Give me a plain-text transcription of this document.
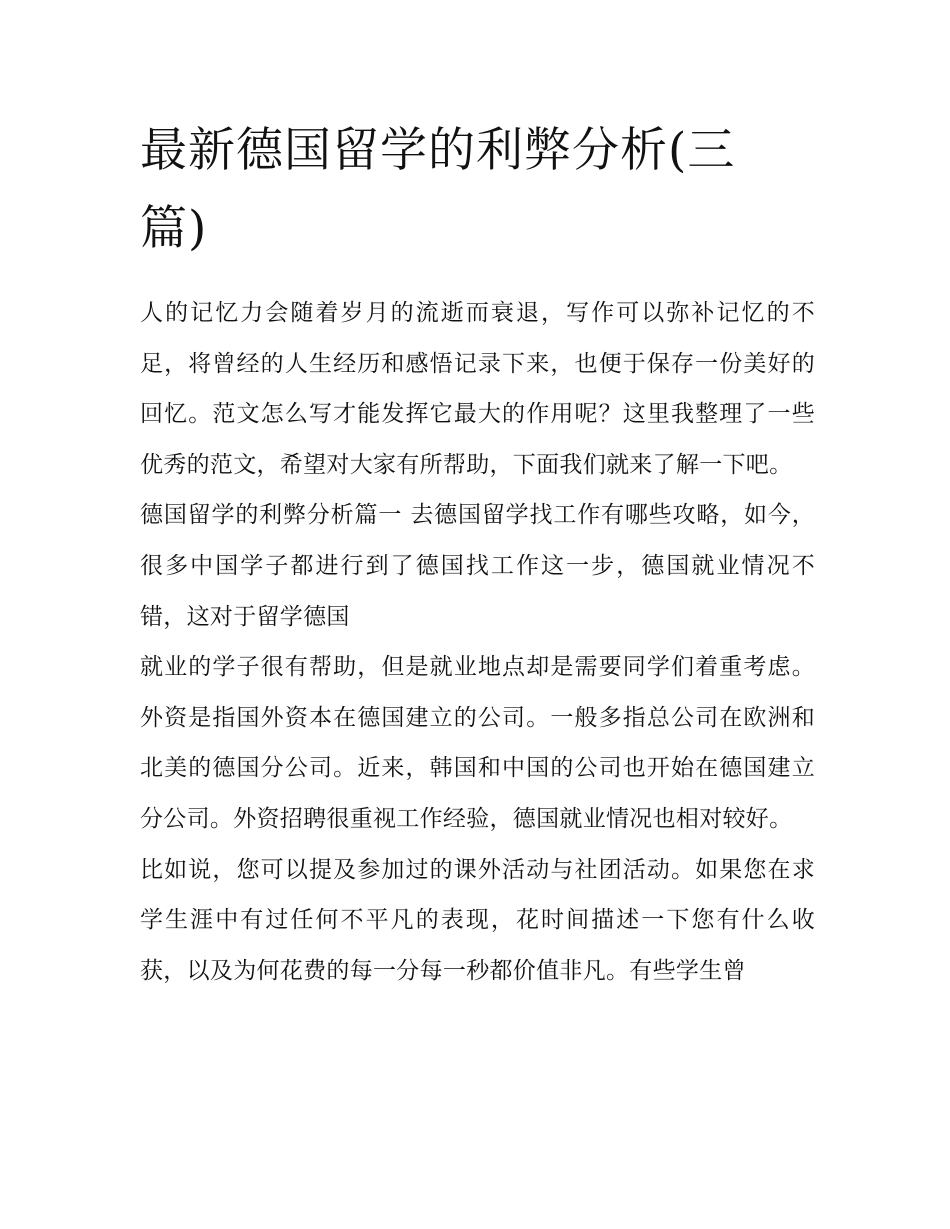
最新德国留学的利弊分析(三篇)

人的记忆力会随着岁月的流逝而衰退，写作可以弥补记忆的不足，将曾经的人生经历和感悟记录下来，也便于保存一份美好的回忆。范文怎么写才能发挥它最大的作用呢？这里我整理了一些优秀的范文，希望对大家有所帮助，下面我们就来了解一下吧。

德国留学的利弊分析篇一 去德国留学找工作有哪些攻略，如今，很多中国学子都进行到了德国找工作这一步，德国就业情况不错，这对于留学德国

就业的学子很有帮助，但是就业地点却是需要同学们着重考虑。外资是指国外资本在德国建立的公司。一般多指总公司在欧洲和北美的德国分公司。近来，韩国和中国的公司也开始在德国建立分公司。外资招聘很重视工作经验，德国就业情况也相对较好。

比如说，您可以提及参加过的课外活动与社团活动。如果您在求学生涯中有过任何不平凡的表现，花时间描述一下您有什么收获，以及为何花费的每一分每一秒都价值非凡。有些学生曾
